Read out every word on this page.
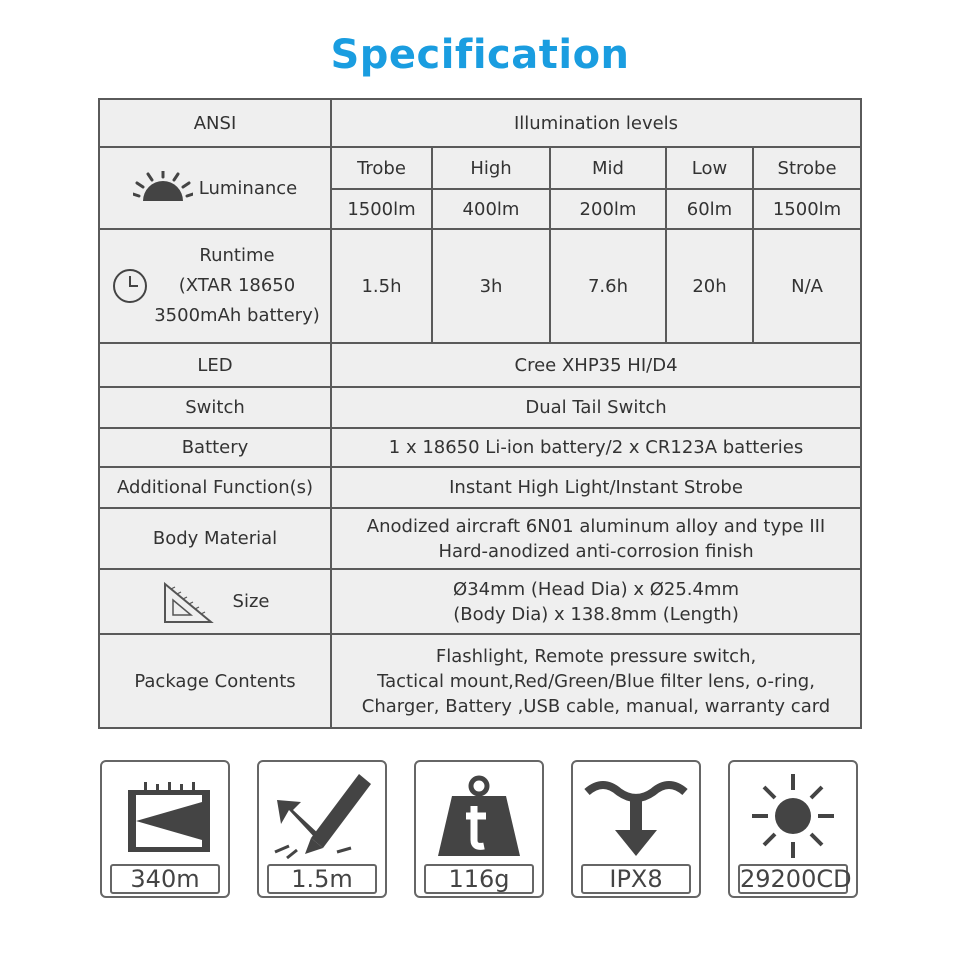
Specification
ANSI	Illumination levels				

Luminance	Trobe	High	Mid	Low	Strobe
	1500lm	400lm	200lm	60lm	1500lm

Runtime
(XTAR 18650
3500mAh battery)	1.5h	3h	7.6h	20h	N/A
LED	Cree XHP35 HI/D4				

Switch	Dual Tail Switch				

Battery	1 x 18650 Li-ion battery/2 x CR123A batteries				

Additional Function(s)	Instant High Light/Instant Strobe				

Body Material	Anodized aircraft 6N01 aluminum alloy and type III
Hard-anodized anti-corrosion finish				

Size	Ø34mm (Head Dia) x Ø25.4mm
(Body Dia) x 138.8mm (Length)				

Package Contents	Flashlight, Remote pressure switch,
Tactical mount,Red/Green/Blue filter lens, o-ring,
Charger, Battery ,USB cable, manual, warranty card				
340m	1.5m	116g	IPX8	29200CD
